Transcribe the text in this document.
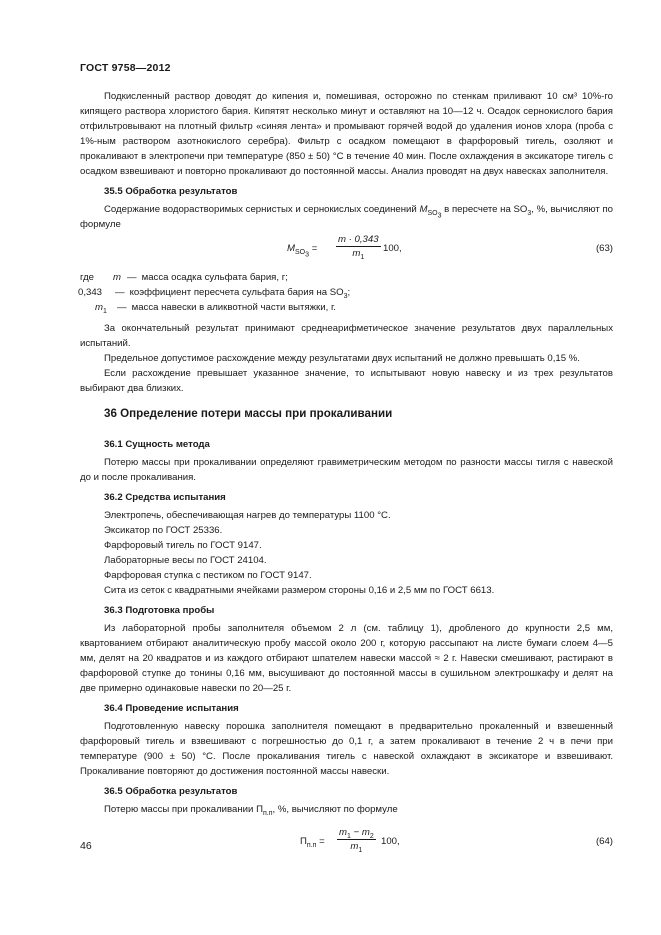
ГОСТ 9758—2012

Подкисленный раствор доводят до кипения и, помешивая, осторожно по стенкам приливают 10 см³ 10%-го кипящего раствора хлористого бария. Кипятят несколько минут и оставляют на 10—12 ч. Осадок сернокислого бария отфильтровывают на плотный фильтр «синяя лента» и промывают горячей водой до удаления ионов хлора (проба с 1%-ным раствором азотнокислого серебра). Фильтр с осадком помещают в фарфоровый тигель, озоляют и прокаливают в электропечи при температуре (850 ± 50) °С в течение 40 мин. После охлаждения в эксикаторе тигель с осадком взвешивают и повторно прокаливают до постоянной массы. Анализ проводят на двух навесках заполнителя.

35.5 Обработка результатов

Содержание водорастворимых сернистых и сернокислых соединений $M_{SO_3}$ в пересчете на $SO_3$, %, вычисляют по формуле

$M_{SO_3} = \frac{m \cdot 0,343}{m_1} 100$,	(63)
где	m — масса осадка сульфата бария, г;
0,343	— коэффициент пересчета сульфата бария на $SO_3$;
$m_1$	— масса навески в аликвотной части вытяжки, г.

За окончательный результат принимают среднеарифметическое значение результатов двух параллельных испытаний.

Предельное допустимое расхождение между результатами двух испытаний не должно превышать 0,15 %.

Если расхождение превышает указанное значение, то испытывают новую навеску и из трех результатов выбирают два близких.

36 Определение потери массы при прокаливании
36.1 Сущность метода

Потерю массы при прокаливании определяют гравиметрическим методом по разности массы тигля с навеской до и после прокаливания.

36.2 Средства испытания

Электропечь, обеспечивающая нагрев до температуры 1100 °С.

Эксикатор по ГОСТ 25336.

Фарфоровый тигель по ГОСТ 9147.

Лабораторные весы по ГОСТ 24104.

Фарфоровая ступка с пестиком по ГОСТ 9147.

Сита из сеток с квадратными ячейками размером стороны 0,16 и 2,5 мм по ГОСТ 6613.

36.3 Подготовка пробы

Из лабораторной пробы заполнителя объемом 2 л (см. таблицу 1), дробленого до крупности 2,5 мм, квартованием отбирают аналитическую пробу массой около 200 г, которую рассыпают на листе бумаги слоем 4—5 мм, делят на 20 квадратов и из каждого отбирают шпателем навески массой ≈ 2 г. Навески смешивают, растирают в фарфоровой ступке до тонины 0,16 мм, высушивают до постоянной массы в сушильном электрошкафу и делят на две примерно одинаковые навески по 20—25 г.

36.4 Проведение испытания

Подготовленную навеску порошка заполнителя помещают в предварительно прокаленный и взвешенный фарфоровый тигель и взвешивают с погрешностью до 0,1 г, а затем прокаливают в течение 2 ч в печи при температуре (900 ± 50) °С. После прокаливания тигель с навеской охлаждают в эксикаторе и взвешивают. Прокаливание повторяют до достижения постоянной массы навески.

36.5 Обработка результатов

Потерю массы при прокаливании $П_{п.п}$, %, вычисляют по формуле

$П_{п.п} = \frac{m_1 - m_2}{m_1} 100$,	(64)
46
